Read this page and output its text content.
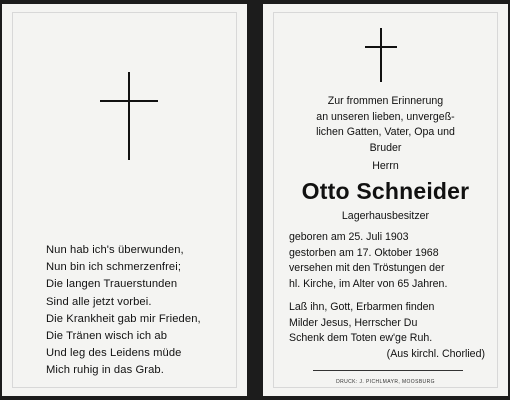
Nun hab ich's überwunden,
Nun bin ich schmerzenfrei;
Die langen Trauerstunden
Sind alle jetzt vorbei.
Die Krankheit gab mir Frieden,
Die Tränen wisch ich ab
Und leg des Leidens müde
Mich ruhig in das Grab.
Zur frommen Erinnerung
an unseren lieben, unvergeß-
lichen Gatten, Vater, Opa und
Bruder
Herrn
Otto Schneider
Lagerhausbesitzer
geboren am 25. Juli 1903
gestorben am 17. Oktober 1968
versehen mit den Tröstungen der
hl. Kirche, im Alter von 65 Jahren.
Laß ihn, Gott, Erbarmen finden
Milder Jesus, Herrscher Du
Schenk dem Toten ew'ge Ruh.
(Aus kirchl. Chorlied)
DRUCK: J. PICHLMAYR, MOOSBURG
